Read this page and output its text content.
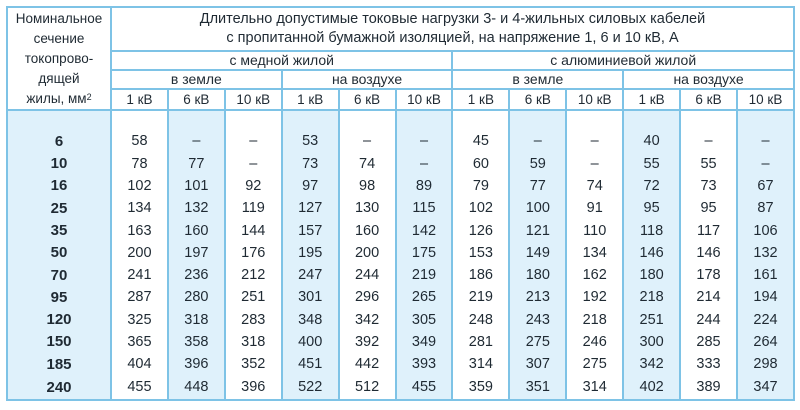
Номинальное
сечение
токопрово-
дящей
жилы, $мм^2$	Длительно допустимые токовые нагрузки 3- и 4-жильных силовых кабелей
с пропитанной бумажной изоляцией, на напряжение 1, 6 и 10 кВ, А											
	с медной жилой						с алюминиевой жилой					
	в земле			на воздухе			в земле			на воздухе		
	1 кВ	6 кВ	10 кВ	1 кВ	6 кВ	10 кВ	1 кВ	6 кВ	10 кВ	1 кВ	6 кВ	10 кВ

6	58	–	–	53	–	–	45	–	–	40	–	–
10	78	77	–	73	74	–	60	59	–	55	55	–
16	102	101	92	97	98	89	79	77	74	72	73	67
25	134	132	119	127	130	115	102	100	91	95	95	87
35	163	160	144	157	160	142	126	121	110	118	117	106
50	200	197	176	195	200	175	153	149	134	146	146	132
70	241	236	212	247	244	219	186	180	162	180	178	161
95	287	280	251	301	296	265	219	213	192	218	214	194
120	325	318	283	348	342	305	248	243	218	251	244	224
150	365	358	318	400	392	349	281	275	246	300	285	264
185	404	396	352	451	442	393	314	307	275	342	333	298
240	455	448	396	522	512	455	359	351	314	402	389	347
